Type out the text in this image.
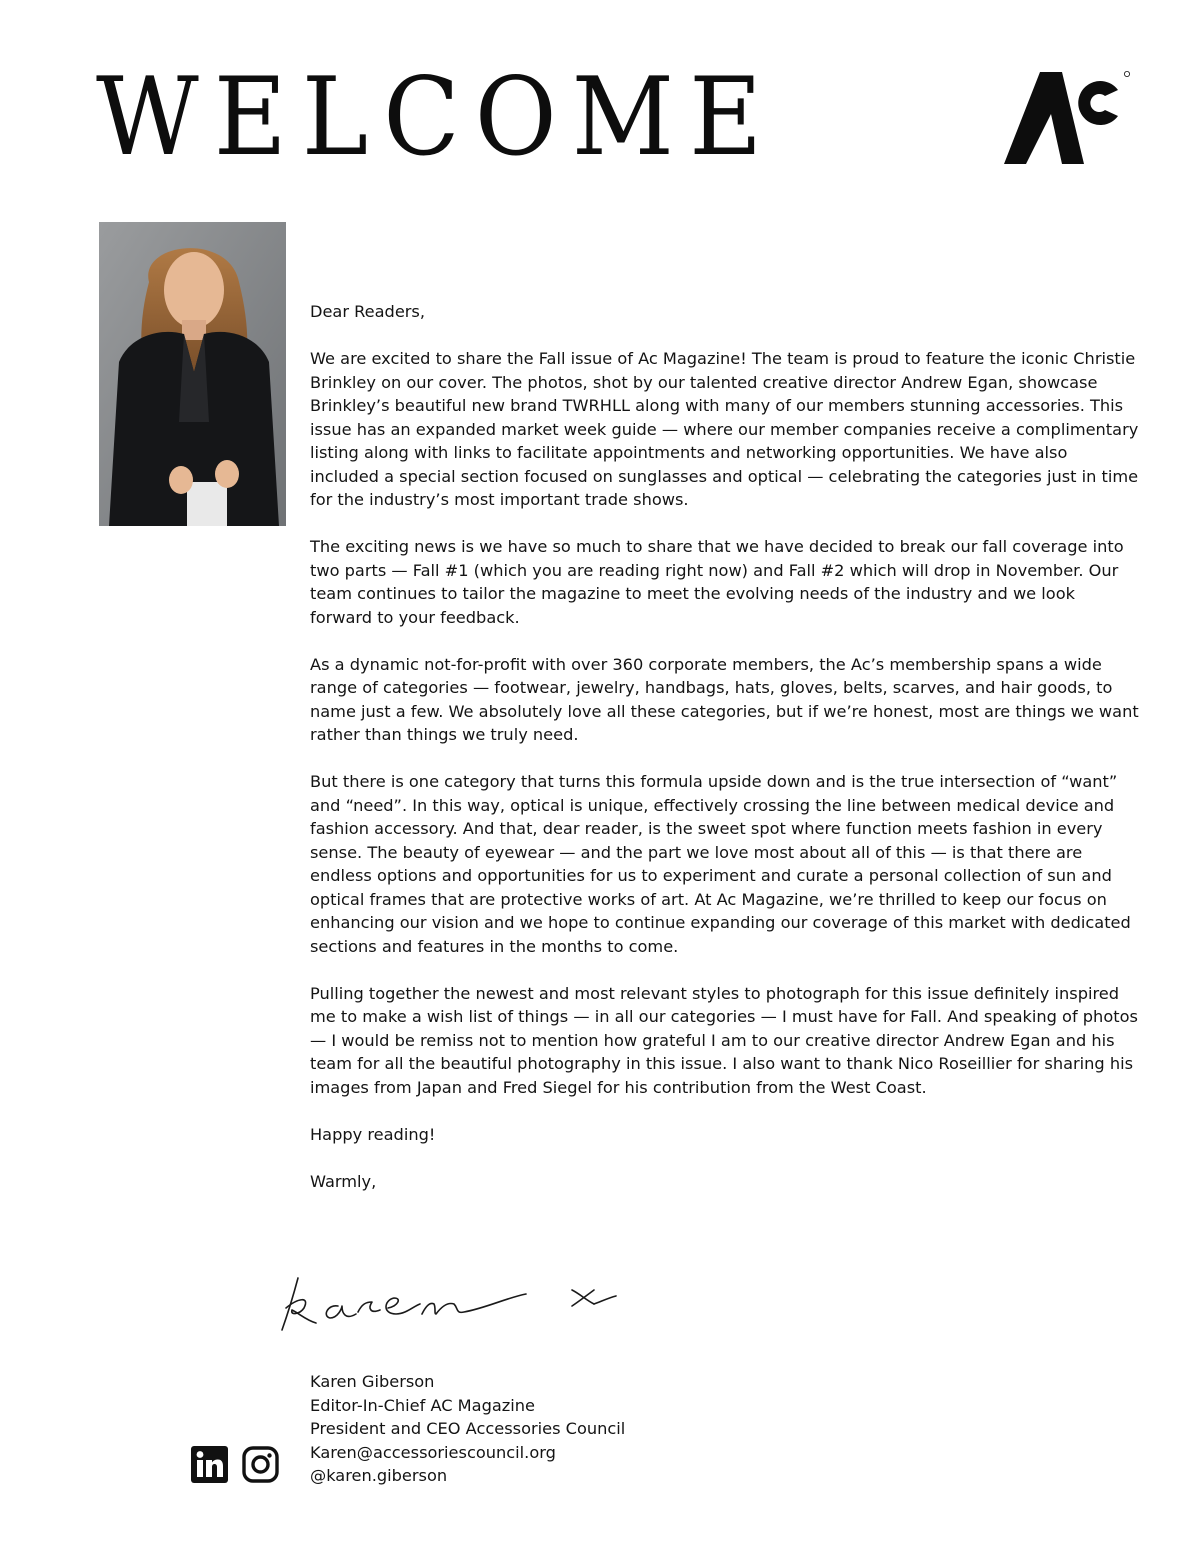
WELCOME

Dear Readers,

We are excited to share the Fall issue of Ac Magazine! The team is proud to feature the iconic Christie Brinkley on our cover. The photos, shot by our talented creative director Andrew Egan, showcase Brinkley’s beautiful new brand TWRHLL along with many of our members stunning accessories. This issue has an expanded market week guide — where our member companies receive a complimentary listing along with links to facilitate appointments and networking opportunities. We have also included a special section focused on sunglasses and optical — celebrating the categories just in time for the industry’s most important trade shows.

The exciting news is we have so much to share that we have decided to break our fall coverage into two parts — Fall #1 (which you are reading right now) and Fall #2 which will drop in November. Our team continues to tailor the magazine to meet the evolving needs of the industry and we look forward to your feedback.

As a dynamic not-for-profit with over 360 corporate members, the Ac’s membership spans a wide range of categories — footwear, jewelry, handbags, hats, gloves, belts, scarves, and hair goods, to name just a few. We absolutely love all these categories, but if we’re honest, most are things we want rather than things we truly need.

But there is one category that turns this formula upside down and is the true intersection of “want” and “need”. In this way, optical is unique, effectively crossing the line between medical device and fashion accessory. And that, dear reader, is the sweet spot where function meets fashion in every sense. The beauty of eyewear — and the part we love most about all of this — is that there are endless options and opportunities for us to experiment and curate a personal collection of sun and optical frames that are protective works of art. At Ac Magazine, we’re thrilled to keep our focus on enhancing our vision and we hope to continue expanding our coverage of this market with dedicated sections and features in the months to come.

Pulling together the newest and most relevant styles to photograph for this issue definitely inspired me to make a wish list of things — in all our categories — I must have for Fall. And speaking of photos — I would be remiss not to mention how grateful I am to our creative director Andrew Egan and his team for all the beautiful photography in this issue. I also want to thank Nico Roseillier for sharing his images from Japan and Fred Siegel for his contribution from the West Coast.

Happy reading!

Warmly,

Karen Giberson
Editor-In-Chief AC Magazine
President and CEO Accessories Council
Karen@accessoriescouncil.org
@karen.giberson
